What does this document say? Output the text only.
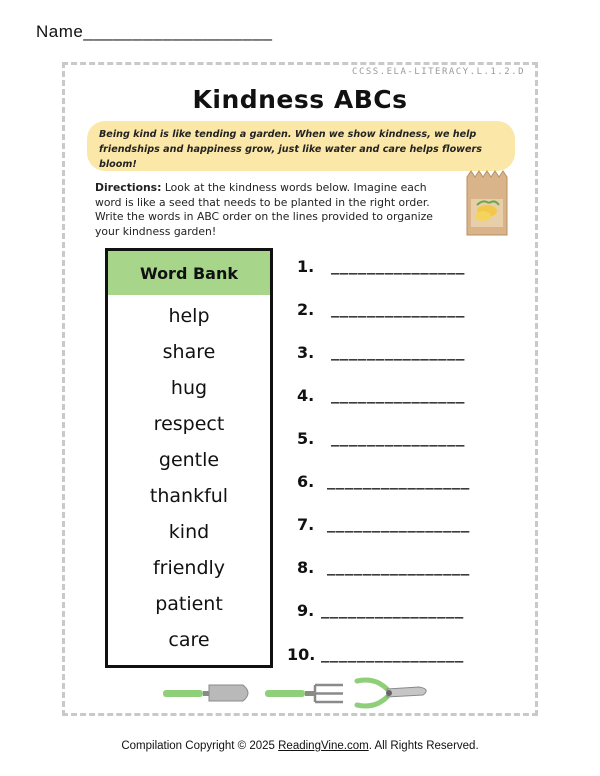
Name___________________
CCSS.ELA-LITERACY.L.1.2.D
Kindness ABCs
Being kind is like tending a garden. When we show kindness, we help friendships and happiness grow, just like water and care helps flowers bloom!
Directions: Look at the kindness words below. Imagine each word is like a seed that needs to be planted in the right order. Write the words in ABC order on the lines provided to organize your kindness garden!
Word Bank
help
share
hug
respect
gentle
thankful
kind
friendly
patient
care
1. _______________
2. _______________
3. _______________
4. _______________
5. _______________
6. ________________
7. ________________
8. ________________
9. ________________
10. ________________
Compilation Copyright © 2025 ReadingVine.com. All Rights Reserved.
